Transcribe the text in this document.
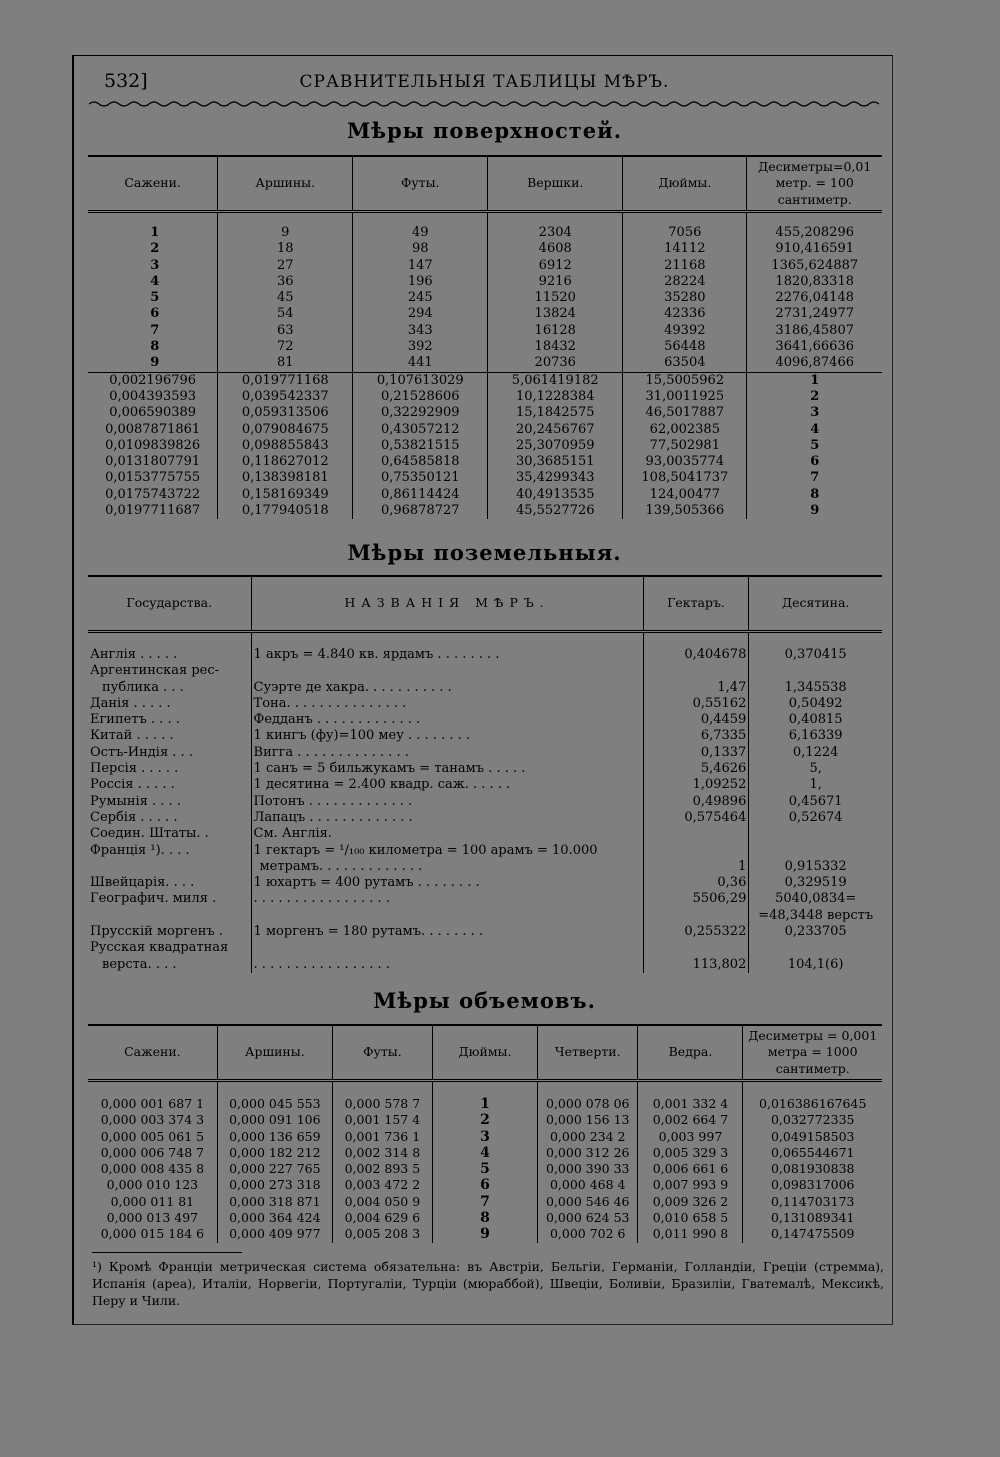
532]	СРАВНИТЕЛЬНЫЯ ТАБЛИЦЫ МѢРЪ.
Мѣры поверхностей.
Сажени.	Аршины.	Футы.	Вершки.	Дюймы.	Десиметры=0,01 метр. = 100 сантиметр.

1	9	49	2304	7056	455,208296
2	18	98	4608	14112	910,416591
3	27	147	6912	21168	1365,624887
4	36	196	9216	28224	1820,83318
5	45	245	11520	35280	2276,04148
6	54	294	13824	42336	2731,24977
7	63	343	16128	49392	3186,45807
8	72	392	18432	56448	3641,66636
9	81	441	20736	63504	4096,87466
0,002196796	0,019771168	0,107613029	5,061419182	15,5005962	1
0,004393593	0,039542337	0,21528606	10,1228384	31,0011925	2
0,006590389	0,059313506	0,32292909	15,1842575	46,5017887	3
0,0087871861	0,079084675	0,43057212	20,2456767	62,002385	4
0,0109839826	0,098855843	0,53821515	25,3070959	77,502981	5
0,0131807791	0,118627012	0,64585818	30,3685151	93,0035774	6
0,0153775755	0,138398181	0,75350121	35,4299343	108,5041737	7
0,0175743722	0,158169349	0,86114424	40,4913535	124,00477	8
0,0197711687	0,177940518	0,96878727	45,5527726	139,505366	9
Мѣры поземельныя.
Государства.	НАЗВАНІЯ МѢРЪ.	Гектаръ.	Десятина.

Англія . . . . .	1 акръ = 4.840 кв. ярдамъ . . . . . . . .	0,404678	0,370415
Аргентинская рес-			
публика . . .	Суэрте де хакра. . . . . . . . . . .	1,47	1,345538
Данія . . . . .	Тона. . . . . . . . . . . . . . .	0,55162	0,50492
Египетъ . . . .	Федданъ . . . . . . . . . . . . .	0,4459	0,40815
Китай . . . . .	1 кингъ (фу)=100 меу . . . . . . . .	6,7335	6,16339
Остъ-Индія . . .	Вигга . . . . . . . . . . . . . .	0,1337	0,1224
Персія . . . . .	1 санъ = 5 бильжукамъ = танамъ . . . . .	5,4626	5,
Россія . . . . .	1 десятина = 2.400 квадр. саж. . . . . .	1,09252	1,
Румынія . . . .	Потонъ . . . . . . . . . . . . .	0,49896	0,45671
Сербія . . . . .	Лапацъ . . . . . . . . . . . . .	0,575464	0,52674
Соедин. Штаты. .	См. Англія.		
Франція ¹). . . .	1 гектаръ = ¹/₁₀₀ километра = 100 арамъ = 10.000		
	метрамъ. . . . . . . . . . . . .	1	0,915332
Швейцарія. . . .	1 юхартъ = 400 рутамъ . . . . . . . .	0,36	0,329519
Географич. миля .	. . . . . . . . . . . . . . . . .	5506,29	5040,0834=
			=48,3448 верстъ
Прусскій моргенъ .	1 моргенъ = 180 рутамъ. . . . . . . .	0,255322	0,233705
Русская квадратная			
верста. . . .	. . . . . . . . . . . . . . . . .	113,802	104,1(6)
Мѣры объемовъ.
Сажени.	Аршины.	Футы.	Дюймы.	Четверти.	Ведра.	Десиметры = 0,001 метра = 1000 сантиметр.

0,000 001 687 1	0,000 045 553	0,000 578 7	1	0,000 078 06	0,001 332 4	0,016386167645
0,000 003 374 3	0,000 091 106	0,001 157 4	2	0,000 156 13	0,002 664 7	0,032772335
0,000 005 061 5	0,000 136 659	0,001 736 1	3	0,000 234 2	0,003 997	0,049158503
0,000 006 748 7	0,000 182 212	0,002 314 8	4	0,000 312 26	0,005 329 3	0,065544671
0,000 008 435 8	0,000 227 765	0,002 893 5	5	0,000 390 33	0,006 661 6	0,081930838
0,000 010 123	0,000 273 318	0,003 472 2	6	0,000 468 4	0,007 993 9	0,098317006
0,000 011 81	0,000 318 871	0,004 050 9	7	0,000 546 46	0,009 326 2	0,114703173
0,000 013 497	0,000 364 424	0,004 629 6	8	0,000 624 53	0,010 658 5	0,131089341
0,000 015 184 6	0,000 409 977	0,005 208 3	9	0,000 702 6	0,011 990 8	0,147475509
¹) Кромѣ Франціи метрическая система обязательна: въ Австріи, Бельгіи, Германіи, Голландіи, Греціи (стремма), Испанія (ареа), Италіи, Норвегіи, Португаліи, Турціи (мюраббой), Швеціи, Боливіи, Бразиліи, Гватемалѣ, Мексикѣ, Перу и Чили.
